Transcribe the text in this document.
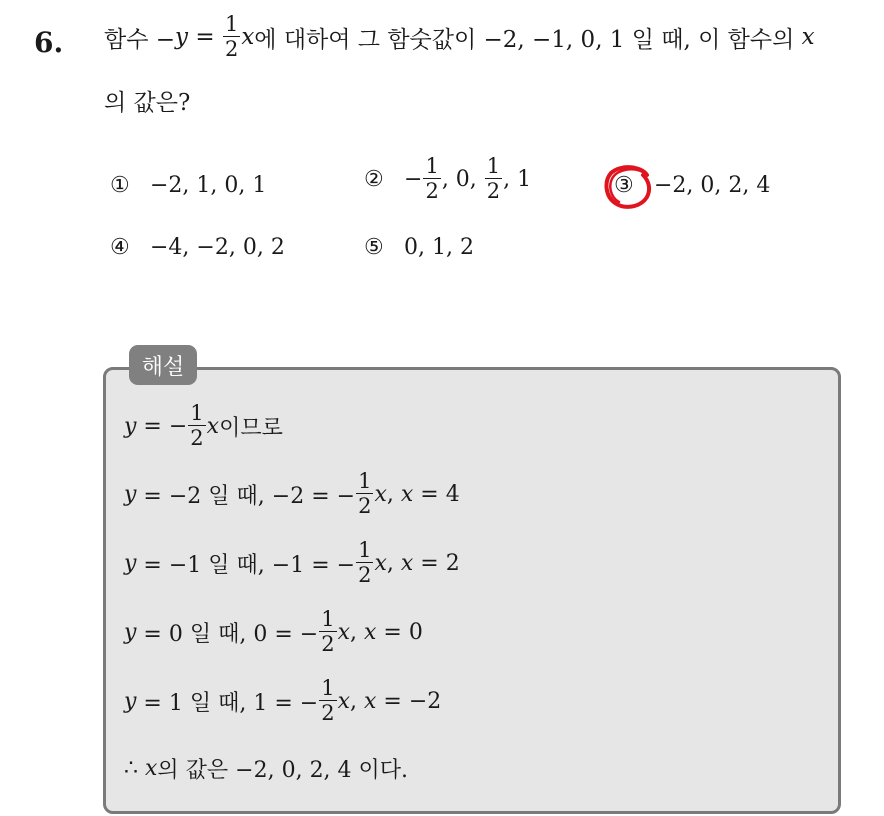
6. 함수 − $y = \frac{1}{2}$ x 에 대하여 그 함숫값이 −2, −1, 0, 1 일 때, 이 함수의 x
의 값은?
① −2, 1, 0, 1	② − $\frac{1}{2}$ , 0, $\frac{1}{2}$ , 1	③ −2, 0, 2, 4
④ −4, −2, 0, 2	⑤ 0, 1, 2
해설
y = − $\frac{1}{2}$ x 이므로
y = −2 일 때, −2 = − $\frac{1}{2}$ x , x = 4
y = −1 일 때, −1 = − $\frac{1}{2}$ x , x = 2
y = 0 일 때, 0 = − $\frac{1}{2}$ x , x = 0
y = 1 일 때, 1 = − $\frac{1}{2}$ x , x = −2
∴ x 의 값은 −2, 0, 2, 4 이다.
